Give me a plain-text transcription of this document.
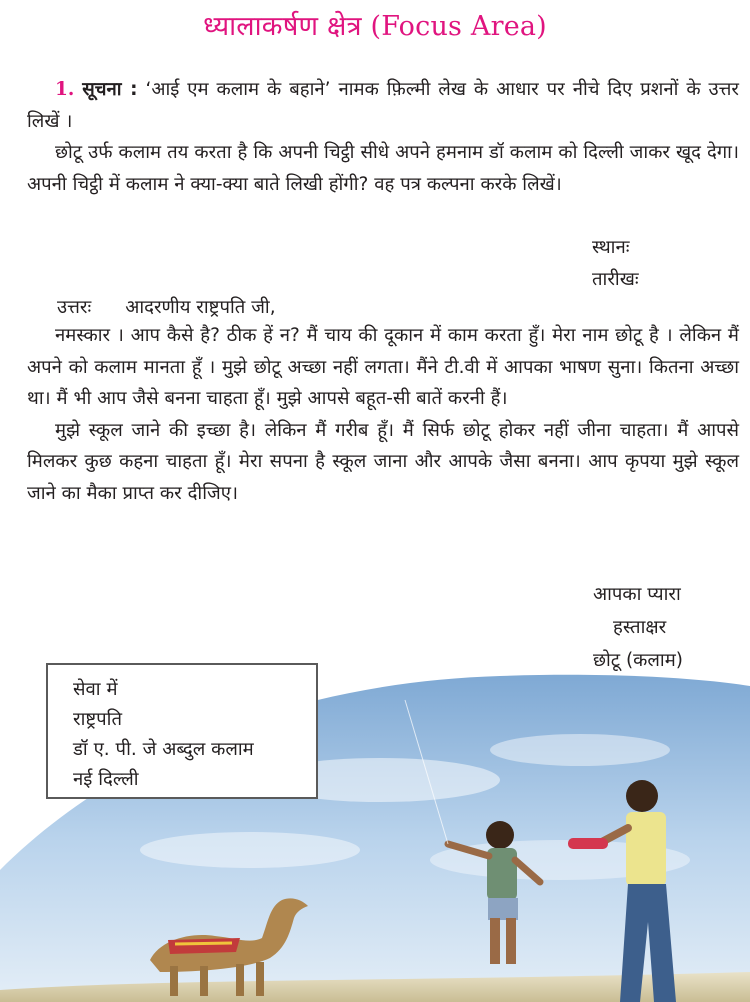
ध्यालाकर्षण क्षेत्र (Focus Area)

1. सूचना : ‘आई एम कलाम के बहाने’ नामक फ़िल्मी लेख के आधार पर नीचे दिए प्रशनों के उत्तर लिखें ।

छोटू उर्फ कलाम तय करता है कि अपनी चिट्ठी सीधे अपने हमनाम डॉ कलाम को दिल्ली जाकर खूद देगा। अपनी चिट्ठी में कलाम ने क्या-क्या बाते लिखी होंगी? वह पत्र कल्पना करके लिखें।

स्थानः
तारीखः
उत्तरः आदरणीय राष्ट्रपति जी,

नमस्कार । आप कैसे है? ठीक हें न? मैं चाय की दूकान में काम करता हुँ। मेरा नाम छोटू है । लेकिन मैं अपने को कलाम मानता हूँ । मुझे छोटू अच्छा नहीं लगता। मैंने टी.वी में आपका भाषण सुना। कितना अच्छा था। मैं भी आप जैसे बनना चाहता हूँ। मुझे आपसे बहूत-सी बातें करनी हैं।

मुझे स्कूल जाने की इच्छा है। लेकिन मैं गरीब हूँ। मैं सिर्फ छोटू होकर नहीं जीना चाहता। मैं आपसे मिलकर कुछ कहना चाहता हूँ। मेरा सपना है स्कूल जाना और आपके जैसा बनना। आप कृपया मुझे स्कूल जाने का मैका प्राप्त कर दीजिए।

सेवा में
राष्ट्रपति
डॉ ए. पी. जे अब्दुल कलाम
नई दिल्ली
आपका प्यारा
हस्ताक्षर
छोटू (कलाम)
